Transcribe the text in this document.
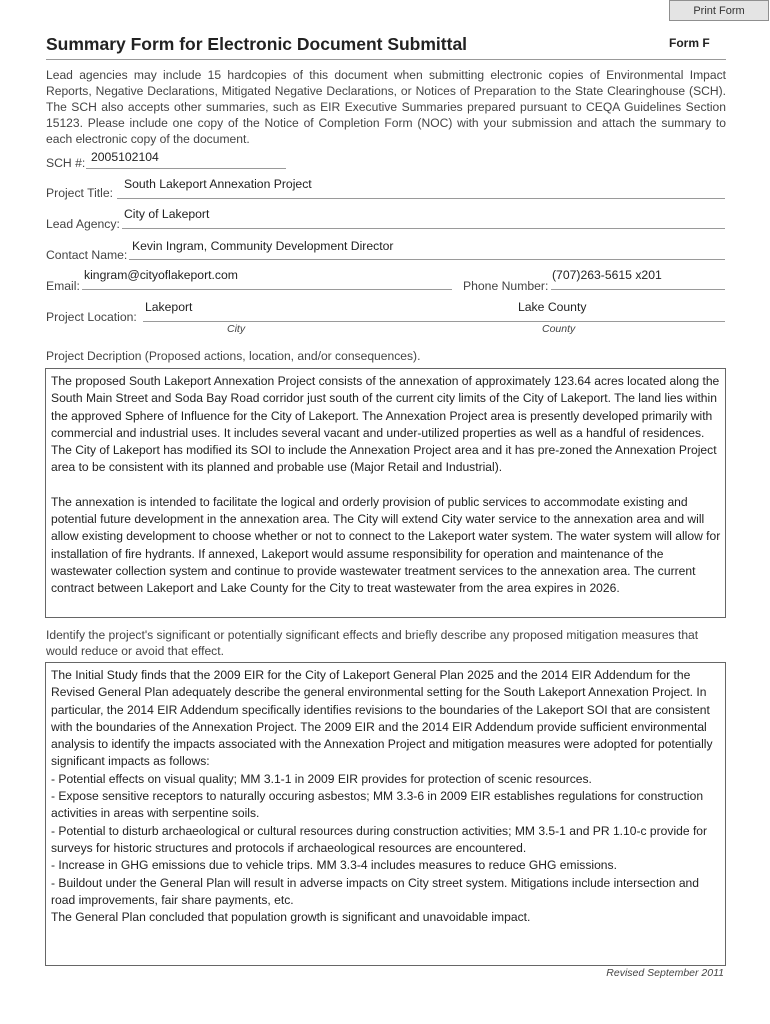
Print Form
Summary Form for Electronic Document Submittal	Form F
Lead agencies may include 15 hardcopies of this document when submitting electronic copies of Environmental Impact Reports, Negative Declarations, Mitigated Negative Declarations, or Notices of Preparation to the State Clearinghouse (SCH). The SCH also accepts other summaries, such as EIR Executive Summaries prepared pursuant to CEQA Guidelines Section 15123. Please include one copy of the Notice of Completion Form (NOC) with your submission and attach the summary to each electronic copy of the document.
SCH #: 2005102104
Project Title:
South Lakeport Annexation Project
Lead Agency:
City of Lakeport
Contact Name:
Kevin Ingram, Community Development Director
Email:
kingram@cityoflakeport.com
Phone Number:
(707)263-5615 x201
Project Location:
Lakeport	Lake County
City	County
Project Decription (Proposed actions, location, and/or consequences).

The proposed South Lakeport Annexation Project consists of the annexation of approximately 123.64 acres located along the South Main Street and Soda Bay Road corridor just south of the current city limits of the City of Lakeport. The land lies within the approved Sphere of Influence for the City of Lakeport. The Annexation Project area is presently developed primarily with commercial and industrial uses. It includes several vacant and under-utilized properties as well as a handful of residences. The City of Lakeport has modified its SOI to include the Annexation Project area and it has pre-zoned the Annexation Project area to be consistent with its planned and probable use (Major Retail and Industrial).

The annexation is intended to facilitate the logical and orderly provision of public services to accommodate existing and potential future development in the annexation area. The City will extend City water service to the annexation area and will allow existing development to choose whether or not to connect to the Lakeport water system. The water system will allow for installation of fire hydrants. If annexed, Lakeport would assume responsibility for operation and maintenance of the wastewater collection system and continue to provide wastewater treatment services to the annexation area. The current contract between Lakeport and Lake County for the City to treat wastewater from the area expires in 2026.

Identify the project's significant or potentially significant effects and briefly describe any proposed mitigation measures that would reduce or avoid that effect.
The Initial Study finds that the 2009 EIR for the City of Lakeport General Plan 2025 and the 2014 EIR Addendum for the Revised General Plan adequately describe the general environmental setting for the South Lakeport Annexation Project. In particular, the 2014 EIR Addendum specifically identifies revisions to the boundaries of the Lakeport SOI that are consistent with the boundaries of the Annexation Project. The 2009 EIR and the 2014 EIR Addendum provide sufficient environmental analysis to identify the impacts associated with the Annexation Project and mitigation measures were adopted for potentially significant impacts as follows:
- Potential effects on visual quality; MM 3.1-1 in 2009 EIR provides for protection of scenic resources.
- Expose sensitive receptors to naturally occuring asbestos; MM 3.3-6 in 2009 EIR establishes regulations for construction activities in areas with serpentine soils.
- Potential to disturb archaeological or cultural resources during construction activities; MM 3.5-1 and PR 1.10-c provide for surveys for historic structures and protocols if archaeological resources are encountered.
- Increase in GHG emissions due to vehicle trips. MM 3.3-4 includes measures to reduce GHG emissions.
- Buildout under the General Plan will result in adverse impacts on City street system. Mitigations include intersection and road improvements, fair share payments, etc.
The General Plan concluded that population growth is significant and unavoidable impact.
Revised September 2011
